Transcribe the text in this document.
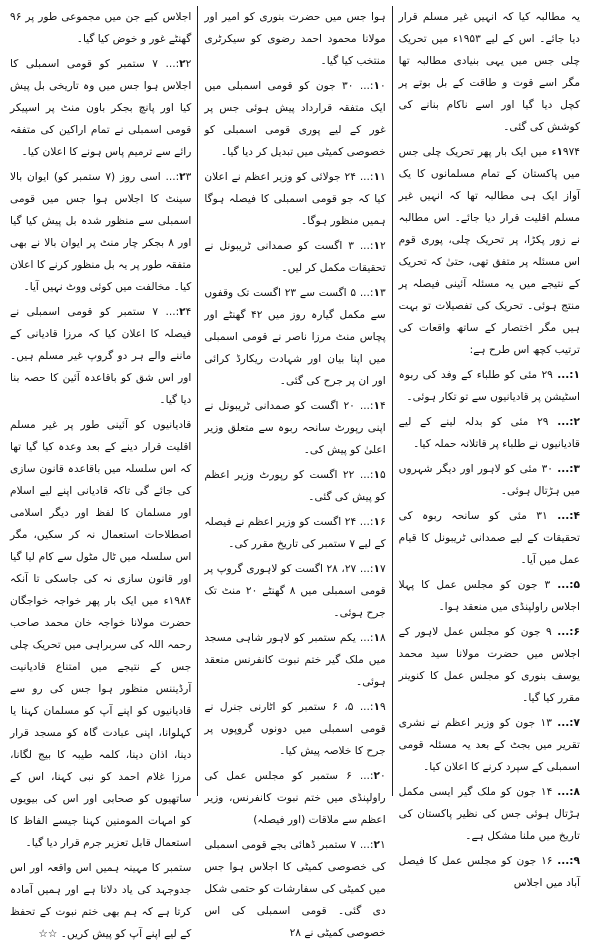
یہ مطالبہ کیا کہ انہیں غیر مسلم قرار دیا جائے۔ اس کے لیے ۱۹۵۳ء میں تحریک چلی جس میں یہی بنیادی مطالبہ تھا مگر اسے قوت و طاقت کے بل بوتے پر کچل دیا گیا اور اسے ناکام بنانے کی کوشش کی گئی۔

۱۹۷۴ء میں ایک بار پھر تحریک چلی جس میں پاکستان کے تمام مسلمانوں کا یک آواز ایک ہی مطالبہ تھا کہ انہیں غیر مسلم اقلیت قرار دیا جائے۔ اس مطالبہ نے زور پکڑا، پر تحریک چلی، پوری قوم اس مسئلہ پر متفق تھی، حتیٰ کہ تحریک کے نتیجے میں یہ مسئلہ آئینی فیصلہ پر منتج ہوئی۔ تحریک کی تفصیلات تو بہت ہیں مگر اختصار کے ساتھ واقعات کی ترتیب کچھ اس طرح ہے:

۱:... ۲۹ مئی کو طلباء کے وفد کی ربوہ اسٹیشن پر قادیانیوں سے تو تکار ہوئی۔

۲:... ۲۹ مئی کو بدلہ لینے کے لیے قادیانیوں نے طلباء پر قاتلانہ حملہ کیا۔

۳:... ۳۰ مئی کو لاہور اور دیگر شہروں میں ہڑتال ہوئی۔

۴:... ۳۱ مئی کو سانحہ ربوہ کی تحقیقات کے لیے صمدانی ٹریبونل کا قیام عمل میں آیا۔

۵:... ۳ جون کو مجلس عمل کا پہلا اجلاس راولپنڈی میں منعقد ہوا۔

۶:... ۹ جون کو مجلس عمل لاہور کے اجلاس میں حضرت مولانا سید محمد یوسف بنوری کو مجلس عمل کا کنوینر مقرر کیا گیا۔

۷:... ۱۳ جون کو وزیر اعظم نے نشری تقریر میں بجٹ کے بعد یہ مسئلہ قومی اسمبلی کے سپرد کرنے کا اعلان کیا۔

۸:... ۱۴ جون کو ملک گیر ایسی مکمل ہڑتال ہوئی جس کی نظیر پاکستان کی تاریخ میں ملنا مشکل ہے۔

۹:... ۱۶ جون کو مجلس عمل کا فیصل آباد میں اجلاس

ہوا جس میں حضرت بنوری کو امیر اور مولانا محمود احمد رضوی کو سیکرٹری منتخب کیا گیا۔

۱۰:... ۳۰ جون کو قومی اسمبلی میں ایک متفقہ قرارداد پیش ہوئی جس پر غور کے لیے پوری قومی اسمبلی کو خصوصی کمیٹی میں تبدیل کر دیا گیا۔

۱۱:... ۲۴ جولائی کو وزیر اعظم نے اعلان کیا کہ جو قومی اسمبلی کا فیصلہ ہوگا ہمیں منظور ہوگا۔

۱۲:... ۳ اگست کو صمدانی ٹریبونل نے تحقیقات مکمل کر لیں۔

۱۳:... ۵ اگست سے ۲۳ اگست تک وقفوں سے مکمل گیارہ روز میں ۴۲ گھنٹے اور پچاس منٹ مرزا ناصر نے قومی اسمبلی میں اپنا بیان اور شہادت ریکارڈ کرائی اور ان پر جرح کی گئی۔

۱۴:... ۲۰ اگست کو صمدانی ٹریبونل نے اپنی رپورٹ سانحہ ربوہ سے متعلق وزیر اعلیٰ کو پیش کی۔

۱۵:... ۲۲ اگست کو رپورٹ وزیر اعظم کو پیش کی گئی۔

۱۶:... ۲۴ اگست کو وزیر اعظم نے فیصلہ کے لیے ۷ ستمبر کی تاریخ مقرر کی۔

۱۷:... ۲۷، ۲۸ اگست کو لاہوری گروپ پر قومی اسمبلی میں ۸ گھنٹے ۲۰ منٹ تک جرح ہوئی۔

۱۸:... یکم ستمبر کو لاہور شاہی مسجد میں ملک گیر ختم نبوت کانفرنس منعقد ہوئی۔

۱۹:... ۵، ۶ ستمبر کو اٹارنی جنرل نے قومی اسمبلی میں دونوں گروپوں پر جرح کا خلاصہ پیش کیا۔

۲۰:... ۶ ستمبر کو مجلس عمل کی راولپنڈی میں ختم نبوت کانفرنس، وزیر اعظم سے ملاقات (اور فیصلہ)

۲۱:... ۷ ستمبر ڈھائی بجے قومی اسمبلی کی خصوصی کمیٹی کا اجلاس ہوا جس میں کمیٹی کی سفارشات کو حتمی شکل دی گئی۔ قومی اسمبلی کی اس خصوصی کمیٹی نے ۲۸

اجلاس کیے جن میں مجموعی طور پر ۹۶ گھنٹے غور و خوض کیا گیا۔

۲۲:... ۷ ستمبر کو قومی اسمبلی کا اجلاس ہوا جس میں وہ تاریخی بل پیش کیا اور پانچ بجکر باون منٹ پر اسپیکر قومی اسمبلی نے تمام اراکین کی متفقہ رائے سے ترمیم پاس ہونے کا اعلان کیا۔

۲۳:... اسی روز (۷ ستمبر کو) ایوان بالا سینٹ کا اجلاس ہوا جس میں قومی اسمبلی سے منظور شدہ بل پیش کیا گیا اور ۸ بجکر چار منٹ پر ایوان بالا نے بھی متفقہ طور پر یہ بل منظور کرنے کا اعلان کیا۔ مخالفت میں کوئی ووٹ نہیں آیا۔

۲۴:... ۷ ستمبر کو قومی اسمبلی نے فیصلہ کا اعلان کیا کہ مرزا قادیانی کے ماننے والے ہر دو گروپ غیر مسلم ہیں۔ اور اس شق کو باقاعدہ آئین کا حصہ بنا دیا گیا۔

قادیانیوں کو آئینی طور پر غیر مسلم اقلیت قرار دینے کے بعد وعدہ کیا گیا تھا کہ اس سلسلہ میں باقاعدہ قانون سازی کی جائے گی تاکہ قادیانی اپنے لیے اسلام اور مسلمان کا لفظ اور دیگر اسلامی اصطلاحات استعمال نہ کر سکیں، مگر اس سلسلہ میں ٹال مٹول سے کام لیا گیا اور قانون سازی نہ کی جاسکی تا آنکہ ۱۹۸۴ء میں ایک بار پھر خواجہ خواجگان حضرت مولانا خواجہ خان محمد صاحب رحمہ اللہ کی سربراہی میں تحریک چلی جس کے نتیجے میں امتناع قادیانیت آرڈیننس منظور ہوا جس کی رو سے قادیانیوں کو اپنے آپ کو مسلمان کہنا یا کہلوانا، اپنی عبادت گاہ کو مسجد قرار دینا، اذان دینا، کلمہ طیبہ کا بیج لگانا، مرزا غلام احمد کو نبی کہنا، اس کے ساتھیوں کو صحابی اور اس کی بیویوں کو امہات المومنین کہنا جیسے الفاظ کا استعمال قابل تعزیر جرم قرار دیا گیا۔

ستمبر کا مہینہ ہمیں اس واقعہ اور اس جدوجہد کی یاد دلاتا ہے اور ہمیں آمادہ کرتا ہے کہ ہم بھی ختم نبوت کے تحفظ کے لیے اپنے آپ کو پیش کریں۔ ☆☆
